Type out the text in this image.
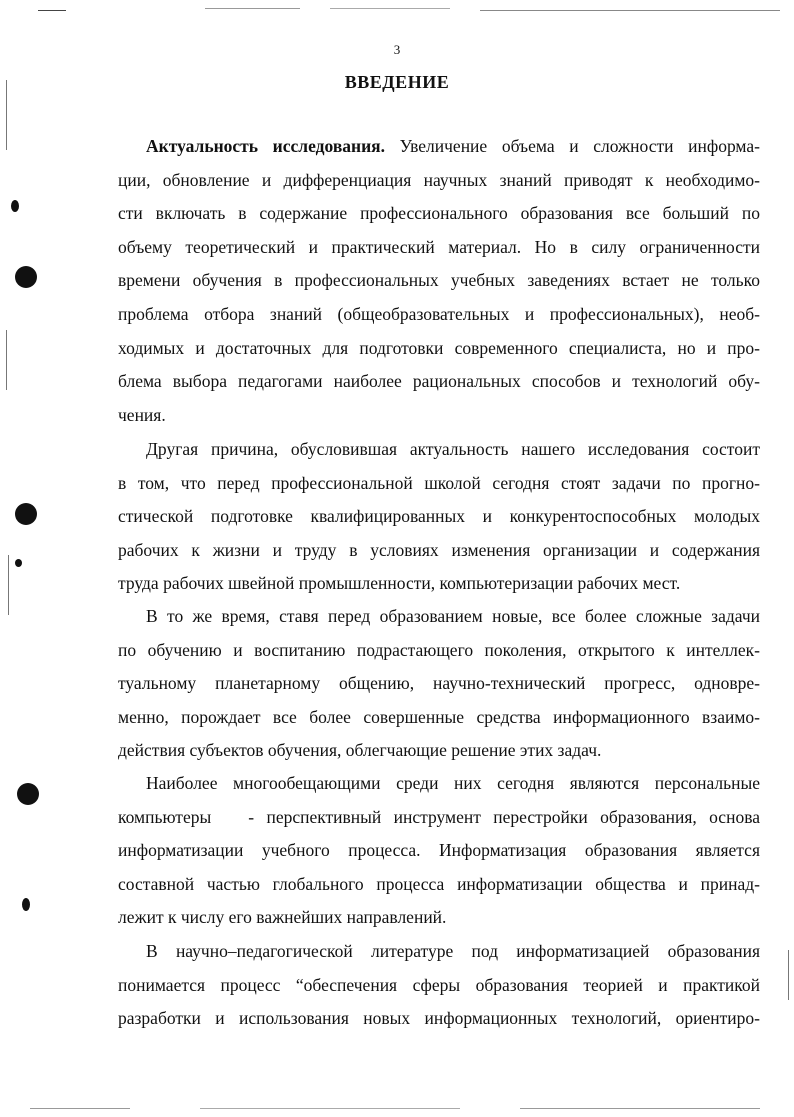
3
ВВЕДЕНИЕ
Актуальность исследования. Увеличение объема и сложности информа-
ции, обновление и дифференциация научных знаний приводят к необходимо-
сти включать в содержание профессионального образования все больший по
объему теоретический и практический материал. Но в силу ограниченности
времени обучения в профессиональных учебных заведениях встает не только
проблема отбора знаний (общеобразовательных и профессиональных), необ-
ходимых и достаточных для подготовки современного специалиста, но и про-
блема выбора педагогами наиболее рациональных способов и технологий обу-
чения.
Другая причина, обусловившая актуальность нашего исследования состоит
в том, что перед профессиональной школой сегодня стоят задачи по прогно-
стической подготовке квалифицированных и конкурентоспособных молодых
рабочих к жизни и труду в условиях изменения организации и содержания
труда рабочих швейной промышленности, компьютеризации рабочих мест.
В то же время, ставя перед образованием новые, все более сложные задачи
по обучению и воспитанию подрастающего поколения, открытого к интеллек-
туальному планетарному общению, научно-технический прогресс, одновре-
менно, порождает все более совершенные средства информационного взаимо-
действия субъектов обучения, облегчающие решение этих задач.
Наиболее многообещающими среди них сегодня являются персональные
компьютеры   - перспективный инструмент перестройки образования, основа
информатизации учебного процесса. Информатизация образования является
составной частью глобального процесса информатизации общества и принад-
лежит к числу его важнейших направлений.
В научно–педагогической литературе под информатизацией образования
понимается процесс “обеспечения сферы образования теорией и практикой
разработки и использования новых информационных технологий, ориентиро-
